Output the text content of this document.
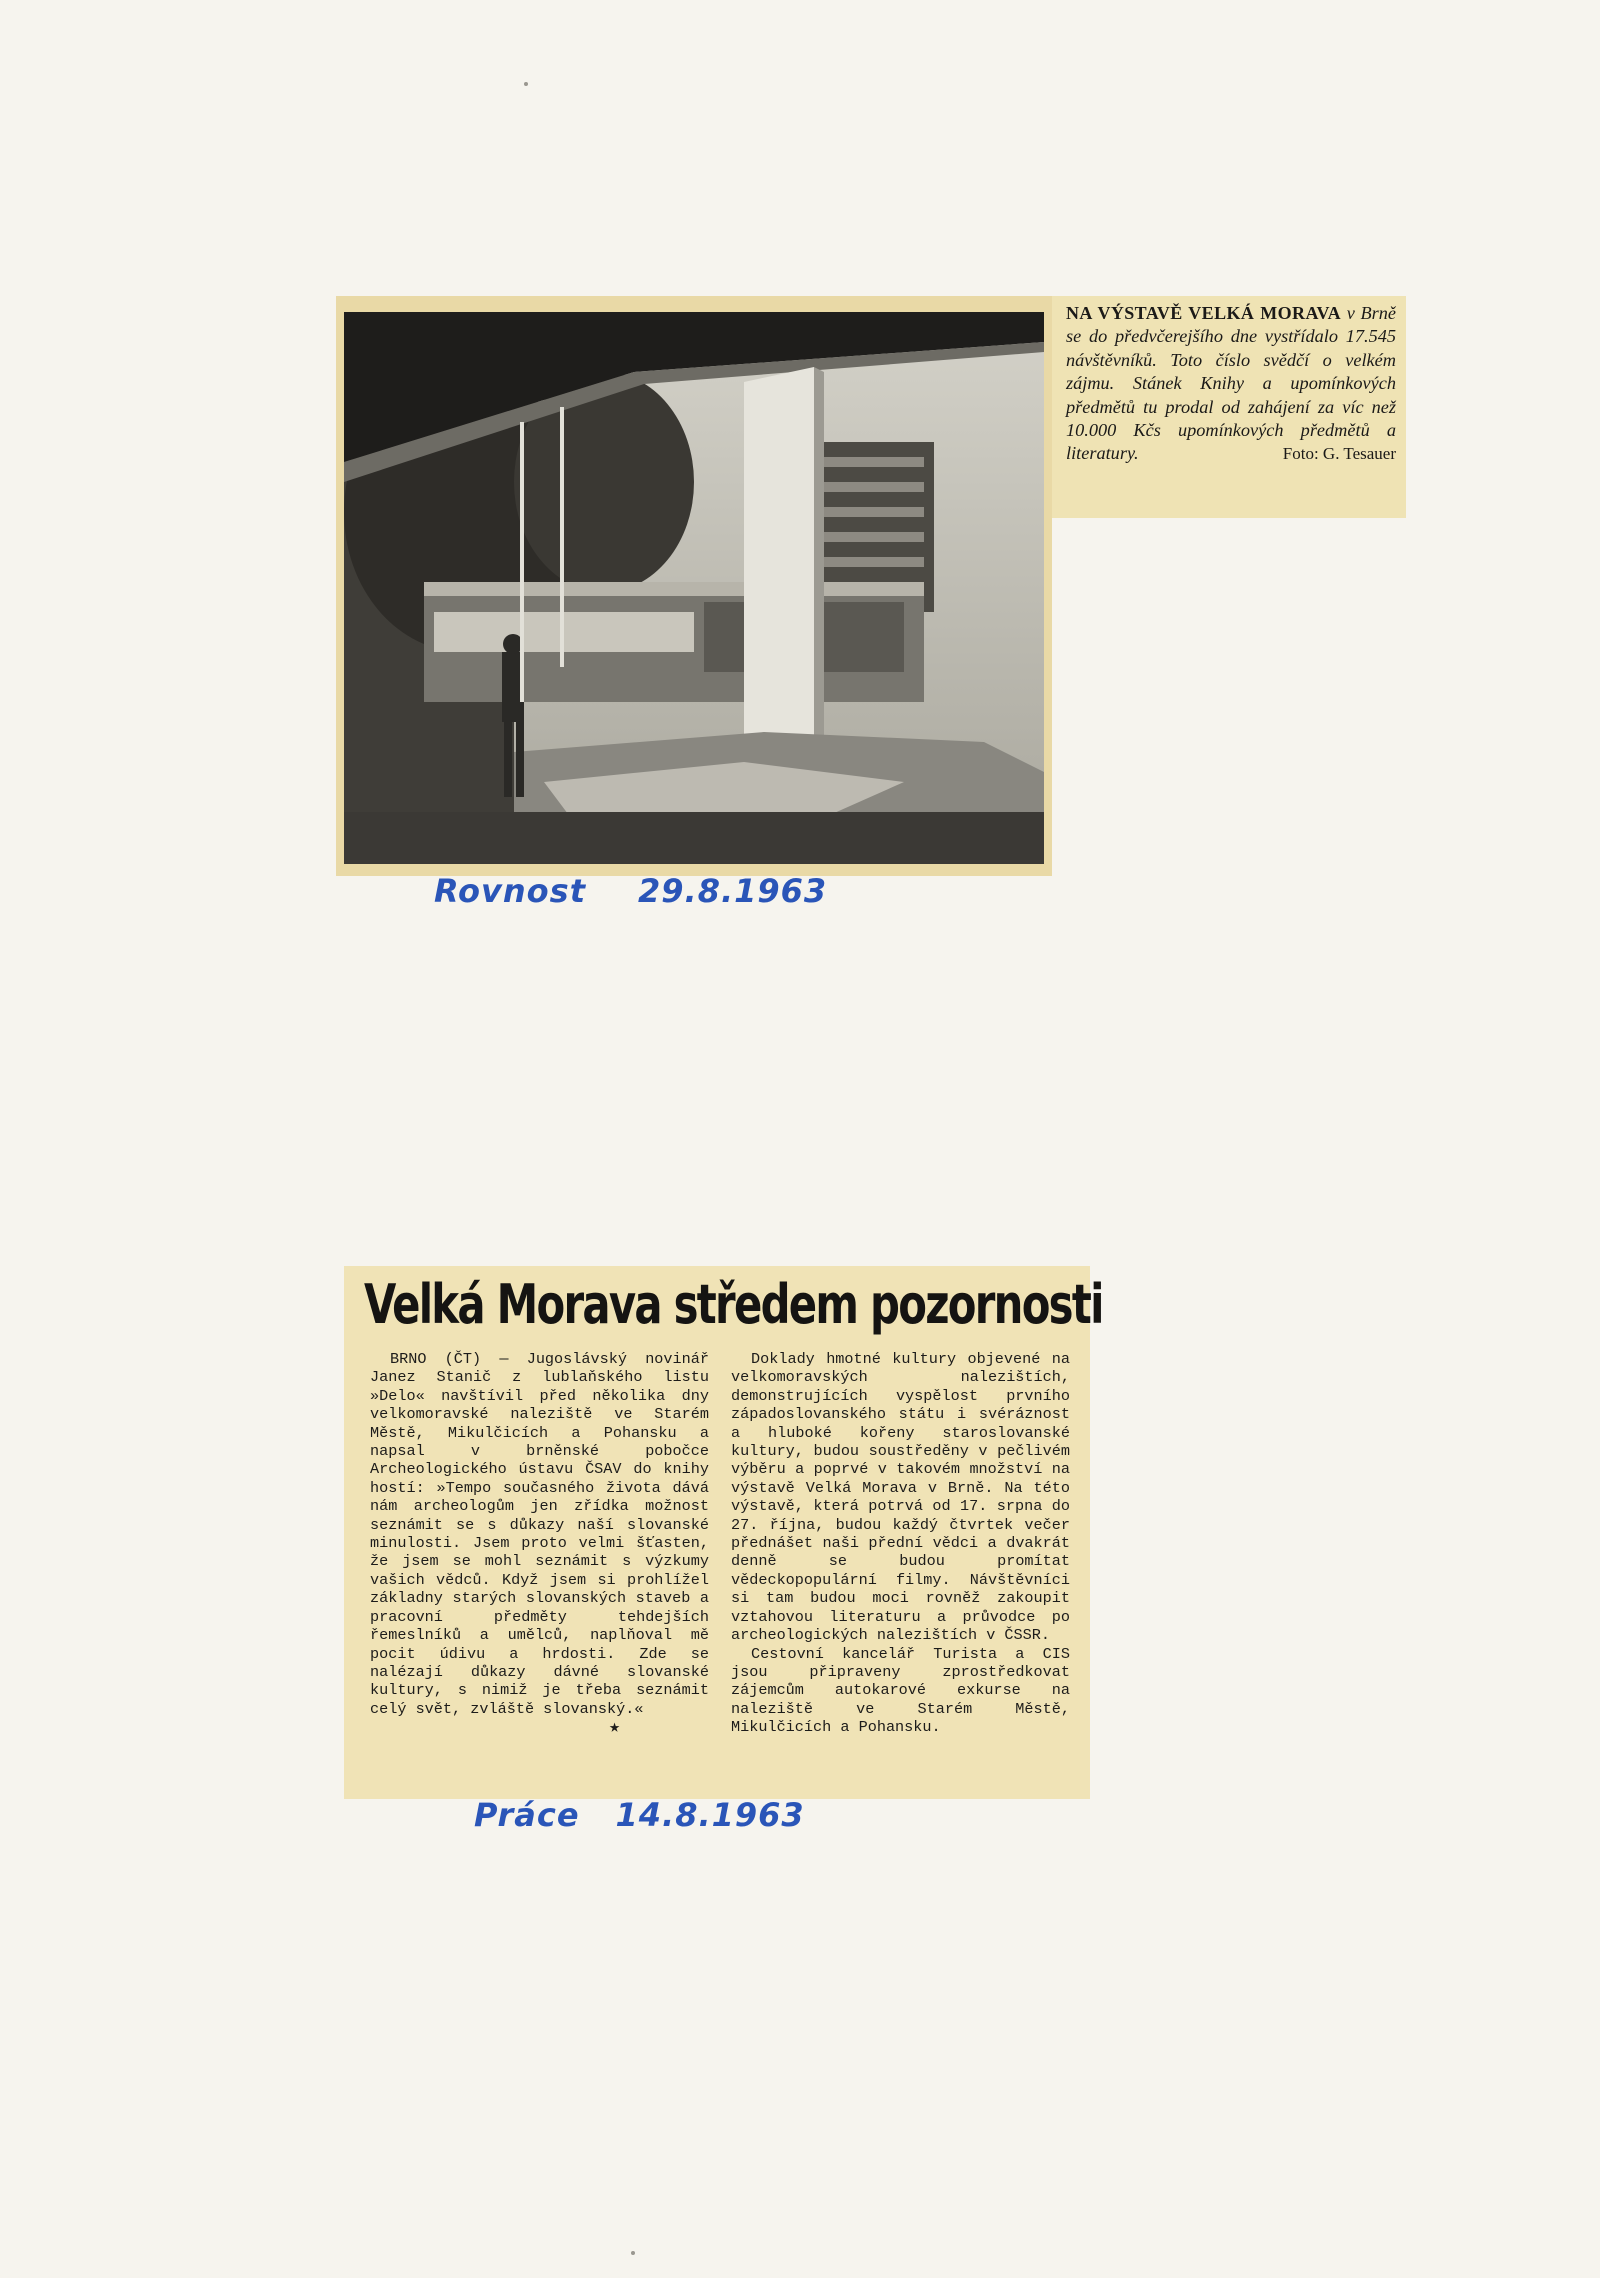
NA VÝSTAVĚ VELKÁ MORAVA v Brně se do předvčerejšího dne vystřídalo 17.545 návštěvníků. Toto číslo svědčí o velkém zájmu. Stánek Knihy a upomínkových předmětů tu prodal od zahájení za víc než 10.000 Kčs upomínkových předmětů a literatury.	Foto: G. Tesauer
Rovnost 29.8.1963
Velká Morava středem pozornosti

BRNO (ČT) — Jugoslávský novinář Janez Stanič z lublaňského listu »Delo« navštívil před několika dny velkomoravské naleziště ve Starém Městě, Mikulčicích a Pohansku a napsal v brněnské pobočce Archeologického ústavu ČSAV do knihy hostí: »Tempo současného života dává nám archeologům jen zřídka možnost seznámit se s důkazy naší slovanské minulosti. Jsem proto velmi šťasten, že jsem se mohl seznámit s výzkumy vašich vědců. Když jsem si prohlížel základny starých slovanských staveb a pracovní předměty tehdejších řemeslníků a umělců, naplňoval mě pocit údivu a hrdosti. Zde se nalézají důkazy dávné slovanské kultury, s nimiž je třeba seznámit celý svět, zvláště slovanský.«

★

Doklady hmotné kultury objevené na velkomoravských nalezištích, demonstrujících vyspělost prvního západoslovanského státu i svéráznost a hluboké kořeny staroslovanské kultury, budou soustředěny v pečlivém výběru a poprvé v takovém množství na výstavě Velká Morava v Brně. Na této výstavě, která potrvá od 17. srpna do 27. října, budou každý čtvrtek večer přednášet naši přední vědci a dvakrát denně se budou promítat vědeckopopulární filmy. Návštěvníci si tam budou moci rovněž zakoupit vztahovou literaturu a průvodce po archeologických nalezištích v ČSSR.

Cestovní kancelář Turista a CIS jsou připraveny zprostředkovat zájemcům autokarové exkurse na naleziště ve Starém Městě, Mikulčicích a Pohansku.

Práce 14.8.1963
